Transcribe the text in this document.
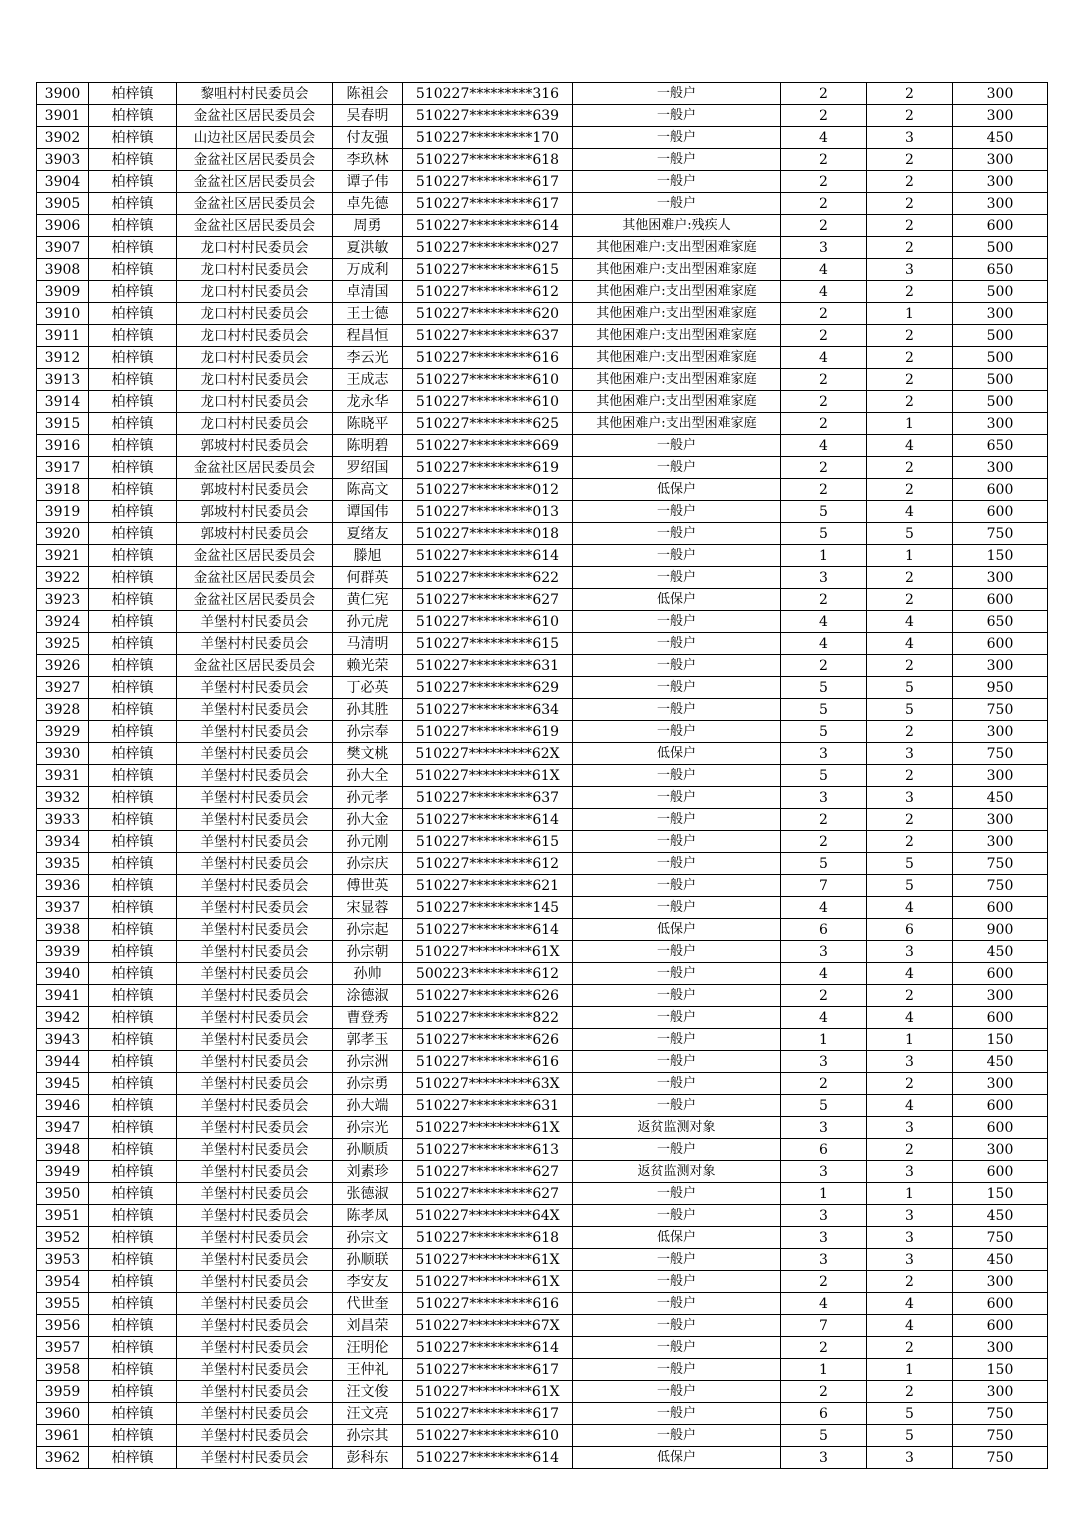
3900	柏梓镇	黎咀村村民委员会	陈祖会	510227*********316	一般户	2	2	300
3901	柏梓镇	金盆社区居民委员会	吴春明	510227*********639	一般户	2	2	300
3902	柏梓镇	山边社区居民委员会	付友强	510227*********170	一般户	4	3	450
3903	柏梓镇	金盆社区居民委员会	李玖林	510227*********618	一般户	2	2	300
3904	柏梓镇	金盆社区居民委员会	谭子伟	510227*********617	一般户	2	2	300
3905	柏梓镇	金盆社区居民委员会	卓先德	510227*********617	一般户	2	2	300
3906	柏梓镇	金盆社区居民委员会	周勇	510227*********614	其他困难户:残疾人	2	2	600
3907	柏梓镇	龙口村村民委员会	夏洪敏	510227*********027	其他困难户:支出型困难家庭	3	2	500
3908	柏梓镇	龙口村村民委员会	万成利	510227*********615	其他困难户:支出型困难家庭	4	3	650
3909	柏梓镇	龙口村村民委员会	卓清国	510227*********612	其他困难户:支出型困难家庭	4	2	500
3910	柏梓镇	龙口村村民委员会	王士德	510227*********620	其他困难户:支出型困难家庭	2	1	300
3911	柏梓镇	龙口村村民委员会	程昌恒	510227*********637	其他困难户:支出型困难家庭	2	2	500
3912	柏梓镇	龙口村村民委员会	李云光	510227*********616	其他困难户:支出型困难家庭	4	2	500
3913	柏梓镇	龙口村村民委员会	王成志	510227*********610	其他困难户:支出型困难家庭	2	2	500
3914	柏梓镇	龙口村村民委员会	龙永华	510227*********610	其他困难户:支出型困难家庭	2	2	500
3915	柏梓镇	龙口村村民委员会	陈晓平	510227*********625	其他困难户:支出型困难家庭	2	1	300
3916	柏梓镇	郭坡村村民委员会	陈明碧	510227*********669	一般户	4	4	650
3917	柏梓镇	金盆社区居民委员会	罗绍国	510227*********619	一般户	2	2	300
3918	柏梓镇	郭坡村村民委员会	陈高文	510227*********012	低保户	2	2	600
3919	柏梓镇	郭坡村村民委员会	谭国伟	510227*********013	一般户	5	4	600
3920	柏梓镇	郭坡村村民委员会	夏绪友	510227*********018	一般户	5	5	750
3921	柏梓镇	金盆社区居民委员会	滕旭	510227*********614	一般户	1	1	150
3922	柏梓镇	金盆社区居民委员会	何群英	510227*********622	一般户	3	2	300
3923	柏梓镇	金盆社区居民委员会	黄仁宪	510227*********627	低保户	2	2	600
3924	柏梓镇	羊堡村村民委员会	孙元虎	510227*********610	一般户	4	4	650
3925	柏梓镇	羊堡村村民委员会	马清明	510227*********615	一般户	4	4	600
3926	柏梓镇	金盆社区居民委员会	赖光荣	510227*********631	一般户	2	2	300
3927	柏梓镇	羊堡村村民委员会	丁必英	510227*********629	一般户	5	5	950
3928	柏梓镇	羊堡村村民委员会	孙其胜	510227*********634	一般户	5	5	750
3929	柏梓镇	羊堡村村民委员会	孙宗奉	510227*********619	一般户	5	2	300
3930	柏梓镇	羊堡村村民委员会	樊文桃	510227*********62X	低保户	3	3	750
3931	柏梓镇	羊堡村村民委员会	孙大全	510227*********61X	一般户	5	2	300
3932	柏梓镇	羊堡村村民委员会	孙元孝	510227*********637	一般户	3	3	450
3933	柏梓镇	羊堡村村民委员会	孙大金	510227*********614	一般户	2	2	300
3934	柏梓镇	羊堡村村民委员会	孙元刚	510227*********615	一般户	2	2	300
3935	柏梓镇	羊堡村村民委员会	孙宗庆	510227*********612	一般户	5	5	750
3936	柏梓镇	羊堡村村民委员会	傅世英	510227*********621	一般户	7	5	750
3937	柏梓镇	羊堡村村民委员会	宋显蓉	510227*********145	一般户	4	4	600
3938	柏梓镇	羊堡村村民委员会	孙宗起	510227*********614	低保户	6	6	900
3939	柏梓镇	羊堡村村民委员会	孙宗朝	510227*********61X	一般户	3	3	450
3940	柏梓镇	羊堡村村民委员会	孙帅	500223*********612	一般户	4	4	600
3941	柏梓镇	羊堡村村民委员会	涂德淑	510227*********626	一般户	2	2	300
3942	柏梓镇	羊堡村村民委员会	曹登秀	510227*********822	一般户	4	4	600
3943	柏梓镇	羊堡村村民委员会	郭孝玉	510227*********626	一般户	1	1	150
3944	柏梓镇	羊堡村村民委员会	孙宗洲	510227*********616	一般户	3	3	450
3945	柏梓镇	羊堡村村民委员会	孙宗勇	510227*********63X	一般户	2	2	300
3946	柏梓镇	羊堡村村民委员会	孙大端	510227*********631	一般户	5	4	600
3947	柏梓镇	羊堡村村民委员会	孙宗光	510227*********61X	返贫监测对象	3	3	600
3948	柏梓镇	羊堡村村民委员会	孙顺质	510227*********613	一般户	6	2	300
3949	柏梓镇	羊堡村村民委员会	刘素珍	510227*********627	返贫监测对象	3	3	600
3950	柏梓镇	羊堡村村民委员会	张德淑	510227*********627	一般户	1	1	150
3951	柏梓镇	羊堡村村民委员会	陈孝凤	510227*********64X	一般户	3	3	450
3952	柏梓镇	羊堡村村民委员会	孙宗文	510227*********618	低保户	3	3	750
3953	柏梓镇	羊堡村村民委员会	孙顺联	510227*********61X	一般户	3	3	450
3954	柏梓镇	羊堡村村民委员会	李安友	510227*********61X	一般户	2	2	300
3955	柏梓镇	羊堡村村民委员会	代世奎	510227*********616	一般户	4	4	600
3956	柏梓镇	羊堡村村民委员会	刘昌荣	510227*********67X	一般户	7	4	600
3957	柏梓镇	羊堡村村民委员会	汪明伦	510227*********614	一般户	2	2	300
3958	柏梓镇	羊堡村村民委员会	王仲礼	510227*********617	一般户	1	1	150
3959	柏梓镇	羊堡村村民委员会	汪文俊	510227*********61X	一般户	2	2	300
3960	柏梓镇	羊堡村村民委员会	汪文亮	510227*********617	一般户	6	5	750
3961	柏梓镇	羊堡村村民委员会	孙宗其	510227*********610	一般户	5	5	750
3962	柏梓镇	羊堡村村民委员会	彭科东	510227*********614	低保户	3	3	750
